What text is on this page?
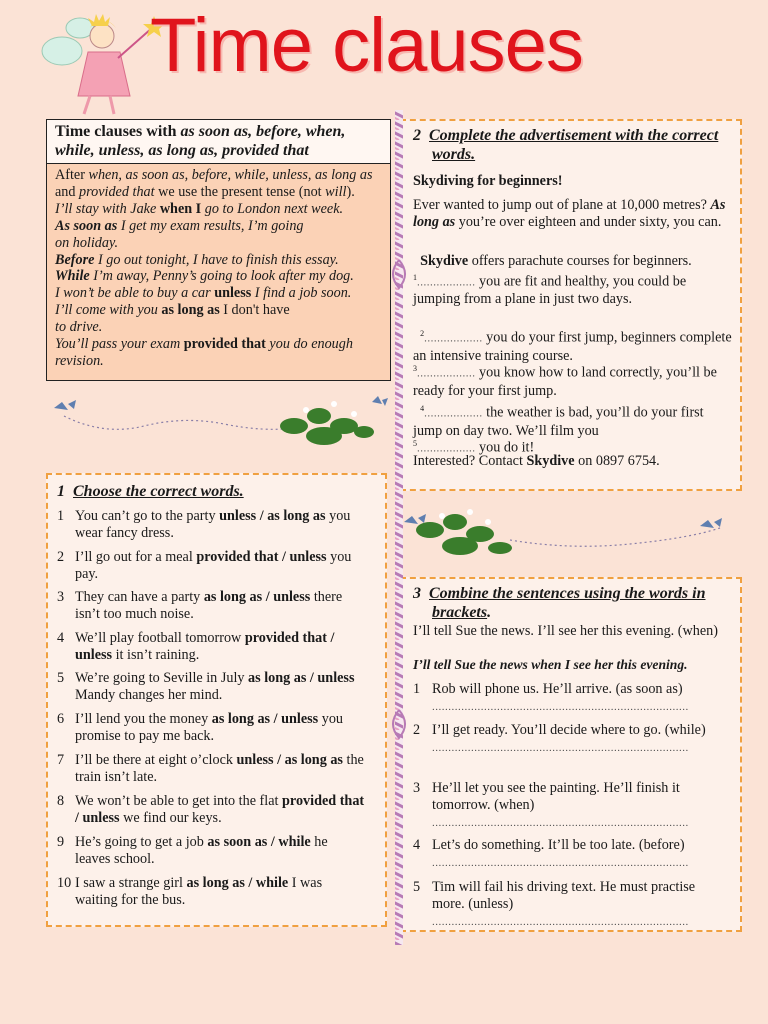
Time clauses
Time clauses with as soon as, before, when, while, unless, as long as, provided that

After when, as soon as, before, while, unless, as long as and provided that we use the present tense (not will).

I’ll stay with Jake when I go to London next week.

As soon as I get my exam results, I’m going
on holiday.

Before I go out tonight, I have to finish this essay.

While I’m away, Penny’s going to look after my dog.

I won’t be able to buy a car unless I find a job soon.

I’ll come with you as long as I don't have
to drive.

You’ll pass your exam provided that you do enough
revision.

2 Complete the advertisement with the correct words.
Skydiving for beginners!
Ever wanted to jump out of plane at 10,000 metres? As long as you’re over eighteen and under sixty, you can.
Skydive offers parachute courses for beginners. $^1$.................. you are fit and healthy, you could be jumping from a plane in just two days.
$^2$.................. you do your first jump, beginners complete an intensive training course.
$^3$.................. you know how to land correctly, you’ll be ready for your first jump.
$^4$.................. the weather is bad, you’ll do your first jump on day two. We’ll film you
$^5$.................. you do it!
Interested? Contact Skydive on 0897 6754.
1 Choose the correct words.
1 You can’t go to the party unless / as long as you wear fancy dress.
2 I’ll go out for a meal provided that / unless you pay.
3 They can have a party as long as / unless there isn’t too much noise.
4 We’ll play football tomorrow provided that / unless it isn’t raining.
5 We’re going to Seville in July as long as / unless Mandy changes her mind.
6 I’ll lend you the money as long as / unless you promise to pay me back.
7 I’ll be there at eight o’clock unless / as long as the train isn’t late.
8 We won’t be able to get into the flat provided that / unless we find our keys.
9 He’s going to get a job as soon as / while he leaves school.
10 I saw a strange girl as long as / while I was waiting for the bus.
3 Combine the sentences using the words in brackets.
I’ll tell Sue the news. I’ll see her this evening. (when)
I’ll tell Sue the news when I see her this evening.
1 Rob will phone us. He’ll arrive. (as soon as)
...............................................................................
2 I’ll get ready. You’ll decide where to go. (while)
...............................................................................
3 He’ll let you see the painting. He’ll finish it tomorrow. (when)
...............................................................................
4 Let’s do something. It’ll be too late. (before)
...............................................................................
5 Tim will fail his driving text. He must practise more. (unless)
...............................................................................
